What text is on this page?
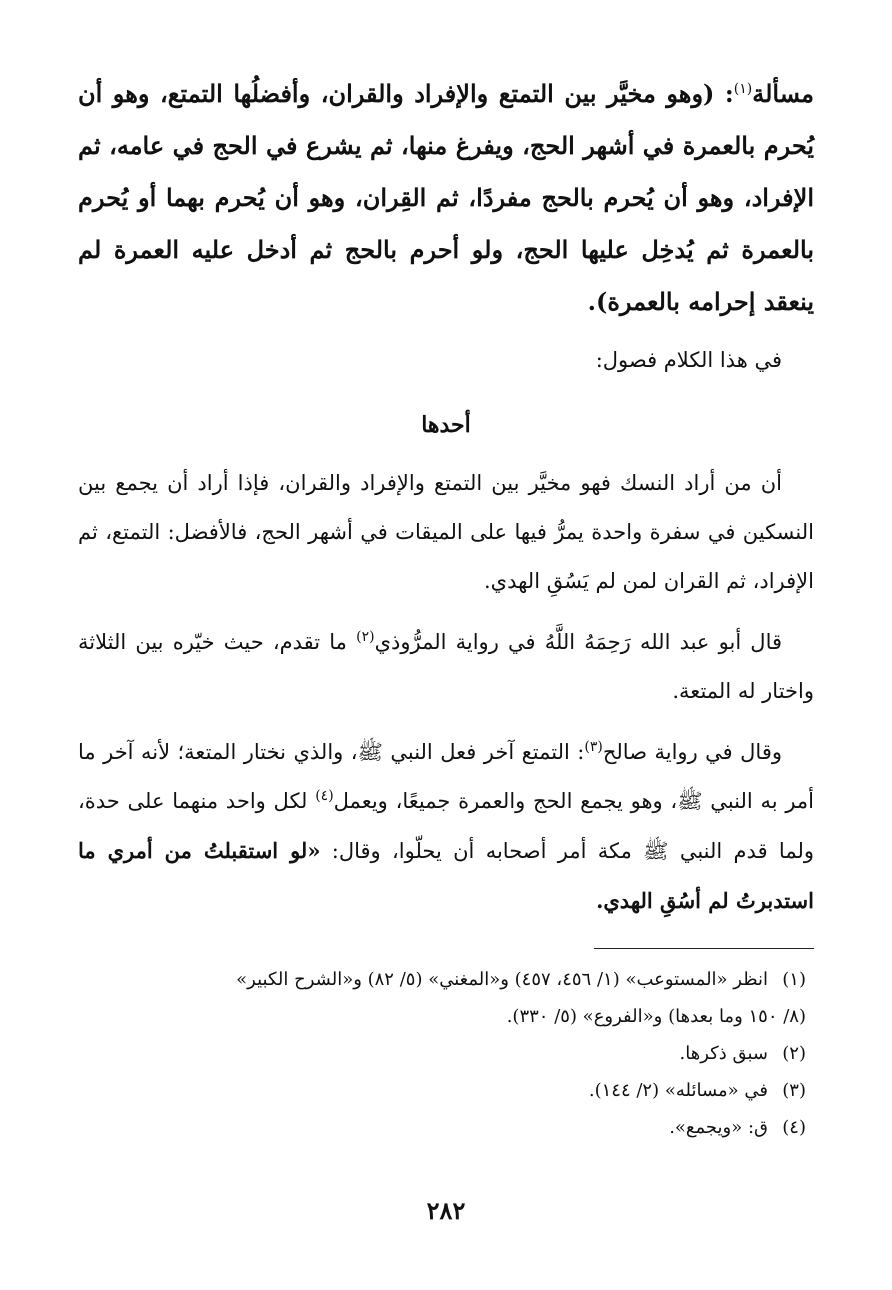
مسألة$^{(١)}$: (وهو مخيَّر بين التمتع والإفراد والقران، وأفضلُها التمتع، وهو أن يُحرم بالعمرة في أشهر الحج، ويفرغ منها، ثم يشرع في الحج في عامه، ثم الإفراد، وهو أن يُحرم بالحج مفردًا، ثم القِران، وهو أن يُحرم بهما أو يُحرم بالعمرة ثم يُدخِل عليها الحج، ولو أحرم بالحج ثم أدخل عليه العمرة لم ينعقد إحرامه بالعمرة).

في هذا الكلام فصول:

أحدها

أن من أراد النسك فهو مخيَّر بين التمتع والإفراد والقران، فإذا أراد أن يجمع بين النسكين في سفرة واحدة يمرُّ فيها على الميقات في أشهر الحج، فالأفضل: التمتع، ثم الإفراد، ثم القران لمن لم يَسُقِ الهدي.

قال أبو عبد الله رَحِمَهُ اللَّهُ في رواية المرُّوذي$^{(٢)}$ ما تقدم، حيث خيّره بين الثلاثة واختار له المتعة.

وقال في رواية صالح$^{(٣)}$: التمتع آخر فعل النبي ﷺ، والذي نختار المتعة؛ لأنه آخر ما أمر به النبي ﷺ، وهو يجمع الحج والعمرة جميعًا، ويعمل$^{(٤)}$ لكل واحد منهما على حدة، ولما قدم النبي ﷺ مكة أمر أصحابه أن يحلّوا، وقال: «لو استقبلتُ من أمري ما استدبرتُ لم أسُقِ الهدي.

(١)انظر «المستوعب» (١/ ٤٥٦، ٤٥٧) و«المغني» (٥/ ٨٢) و«الشرح الكبير»

(٨/ ١٥٠ وما بعدها) و«الفروع» (٥/ ٣٣٠).

(٢)سبق ذكرها.

(٣)في «مسائله» (٢/ ١٤٤).

(٤)ق: «ويجمع».

٢٨٢
